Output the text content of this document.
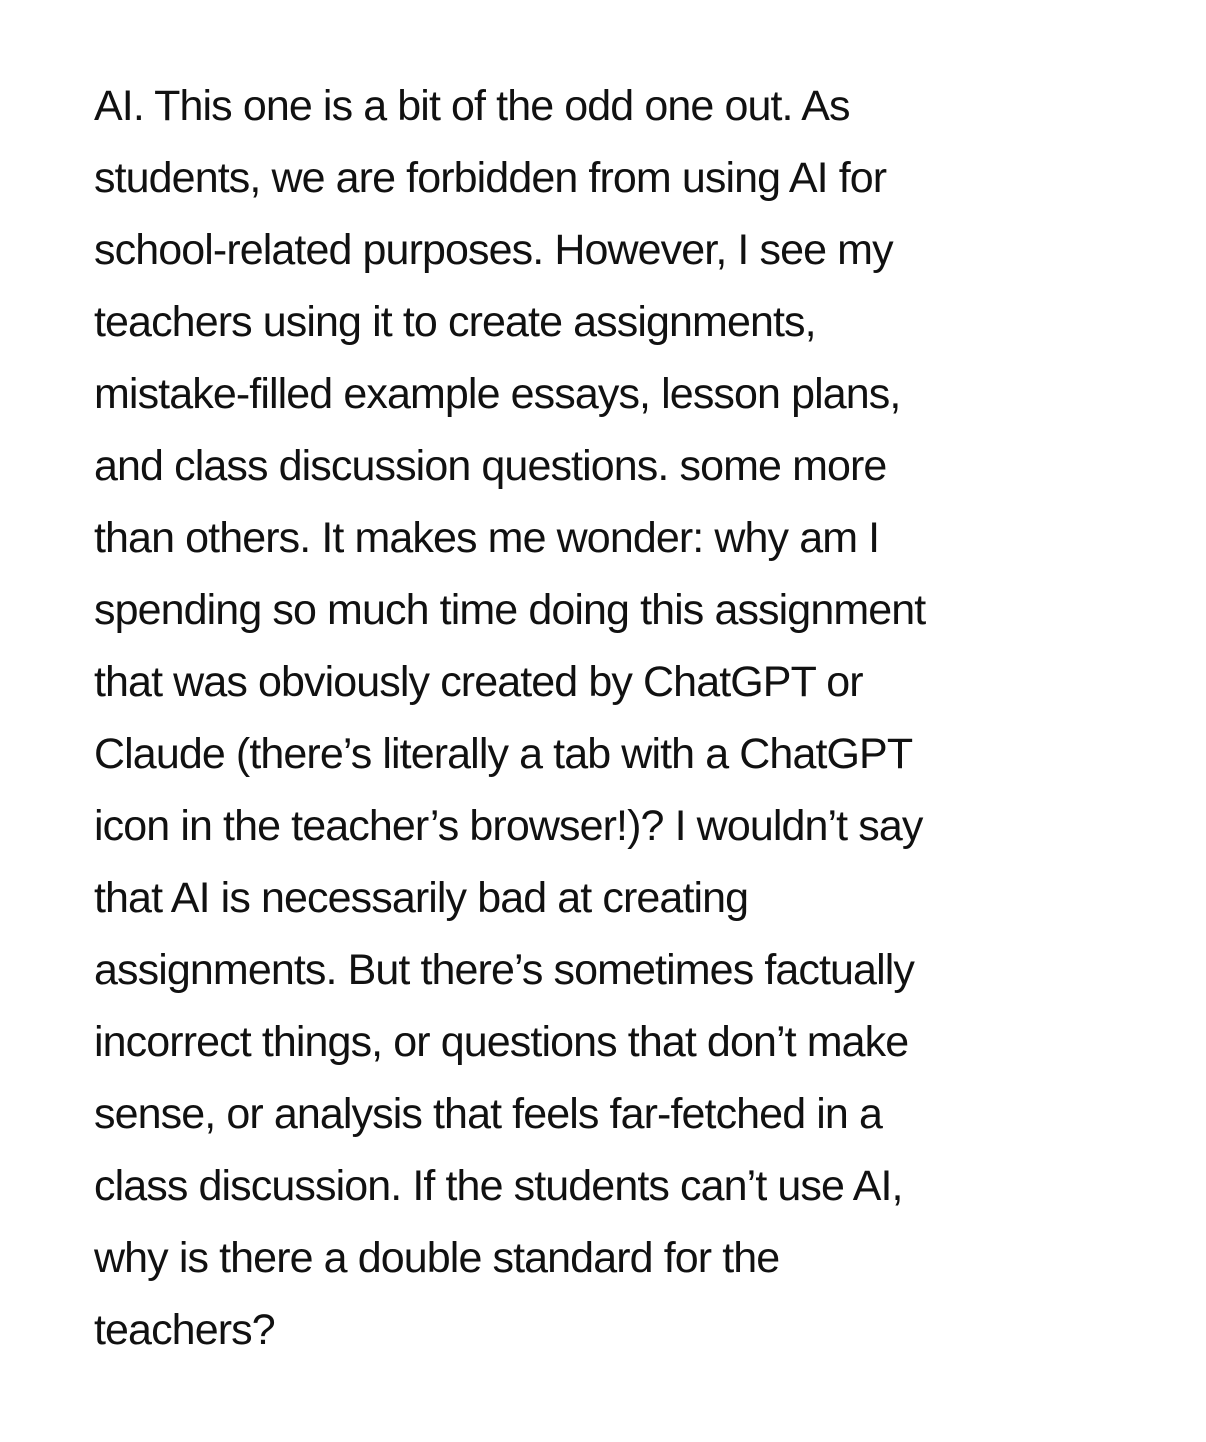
AI. This one is a bit of the odd one out. As
students, we are forbidden from using AI for
school-related purposes. However, I see my
teachers using it to create assignments,
mistake-filled example essays, lesson plans,
and class discussion questions. some more
than others. It makes me wonder: why am I
spending so much time doing this assignment
that was obviously created by ChatGPT or
Claude (there’s literally a tab with a ChatGPT
icon in the teacher’s browser!)? I wouldn’t say
that AI is necessarily bad at creating
assignments. But there’s sometimes factually
incorrect things, or questions that don’t make
sense, or analysis that feels far-fetched in a
class discussion. If the students can’t use AI,
why is there a double standard for the
teachers?
